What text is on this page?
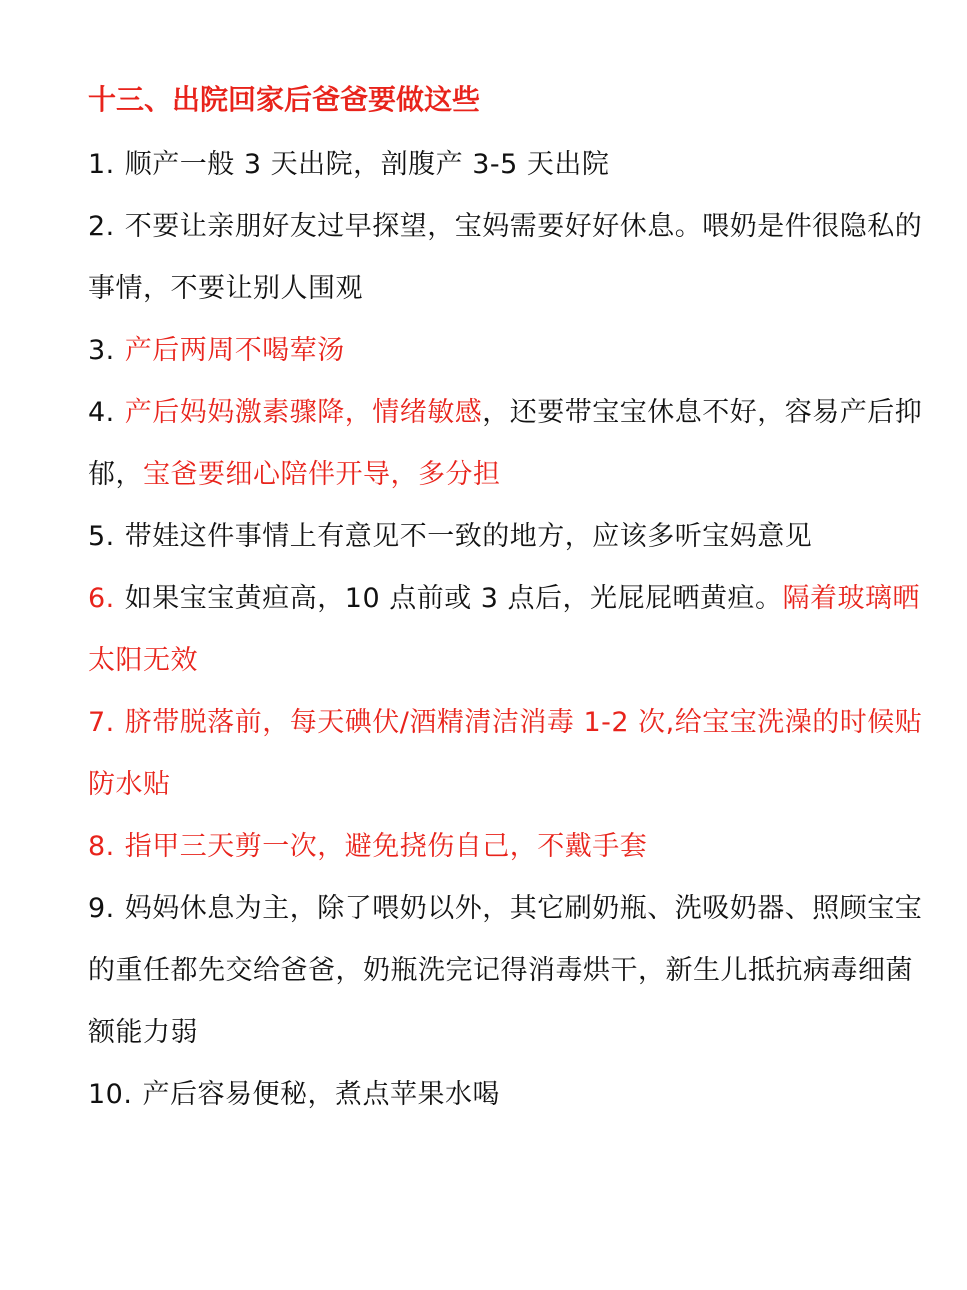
十三、出院回家后爸爸要做这些

1. 顺产一般 3 天出院，剖腹产 3-5 天出院

2. 不要让亲朋好友过早探望，宝妈需要好好休息。喂奶是件很隐私的事情，不要让别人围观

3. 产后两周不喝荤汤

4. 产后妈妈激素骤降，情绪敏感，还要带宝宝休息不好，容易产后抑郁，宝爸要细心陪伴开导，多分担

5. 带娃这件事情上有意见不一致的地方，应该多听宝妈意见

6. 如果宝宝黄疸高，10 点前或 3 点后，光屁屁晒黄疸。隔着玻璃晒太阳无效

7. 脐带脱落前，每天碘伏/酒精清洁消毒 1-2 次,给宝宝洗澡的时候贴防水贴

8. 指甲三天剪一次，避免挠伤自己，不戴手套

9. 妈妈休息为主，除了喂奶以外，其它刷奶瓶、洗吸奶器、照顾宝宝的重任都先交给爸爸，奶瓶洗完记得消毒烘干，新生儿抵抗病毒细菌额能力弱

10. 产后容易便秘，煮点苹果水喝
